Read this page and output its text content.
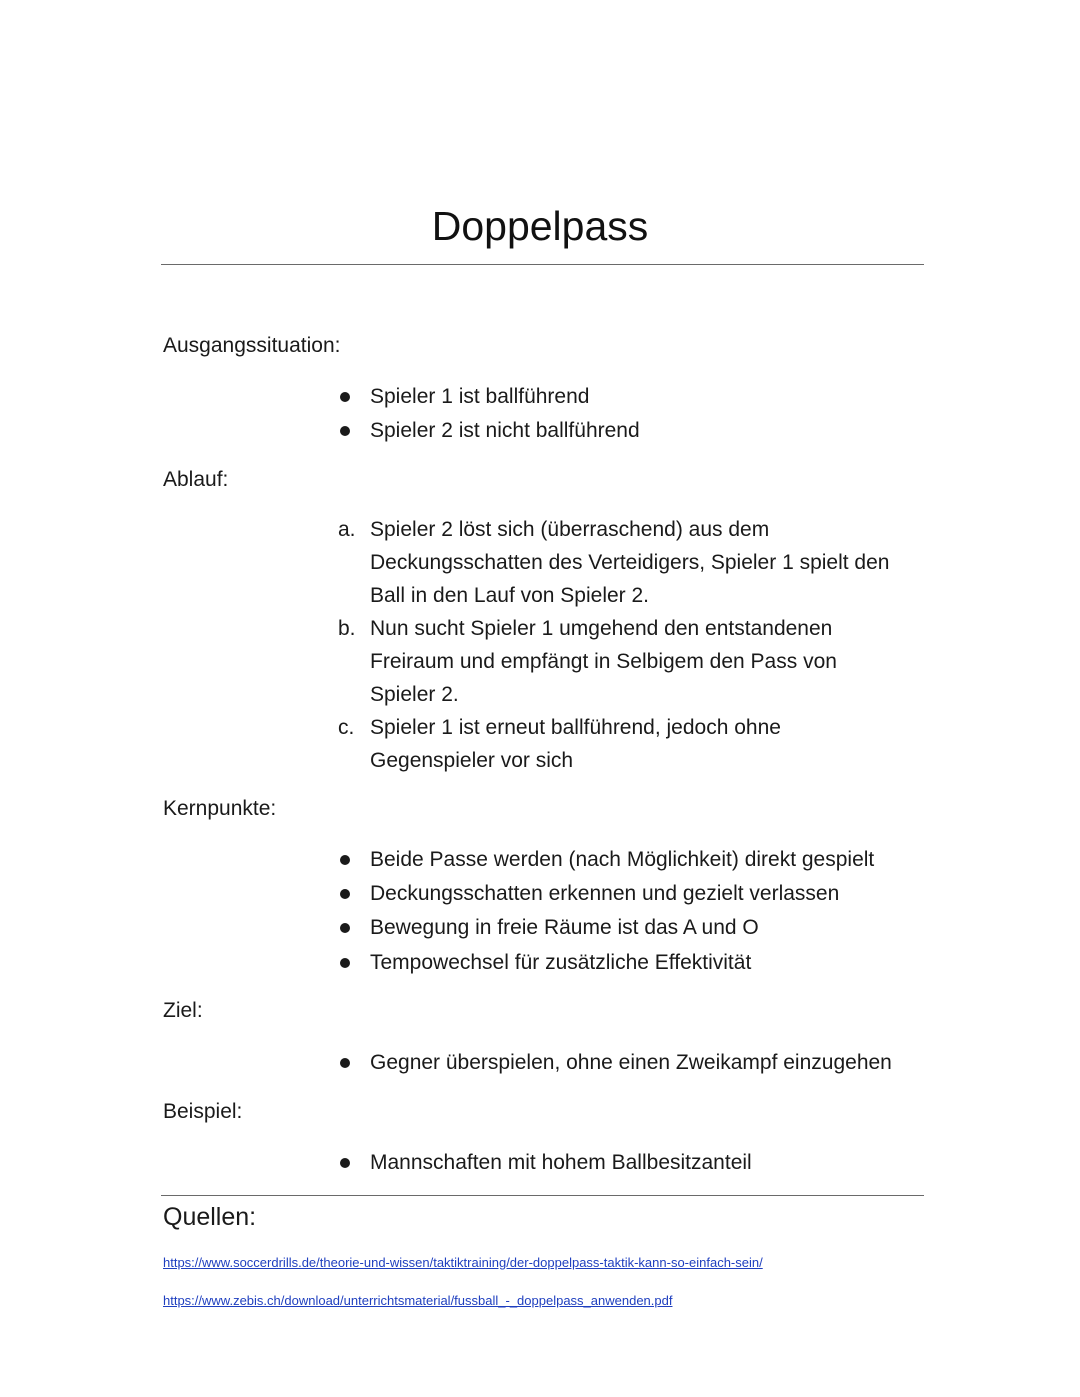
Doppelpass
Ausgangssituation:
Spieler 1 ist ballführend
Spieler 2 ist nicht ballführend
Ablauf:
a. Spieler 2 löst sich (überraschend) aus dem
Deckungsschatten des Verteidigers, Spieler 1 spielt den
Ball in den Lauf von Spieler 2.
b. Nun sucht Spieler 1 umgehend den entstandenen
Freiraum und empfängt in Selbigem den Pass von
Spieler 2.
c. Spieler 1 ist erneut ballführend, jedoch ohne
Gegenspieler vor sich
Kernpunkte:
Beide Passe werden (nach Möglichkeit) direkt gespielt
Deckungsschatten erkennen und gezielt verlassen
Bewegung in freie Räume ist das A und O
Tempowechsel für zusätzliche Effektivität
Ziel:
Gegner überspielen, ohne einen Zweikampf einzugehen
Beispiel:
Mannschaften mit hohem Ballbesitzanteil
Quellen:
https://www.soccerdrills.de/theorie-und-wissen/taktiktraining/der-doppelpass-taktik-kann-so-einfach-sein/
https://www.zebis.ch/download/unterrichtsmaterial/fussball_-_doppelpass_anwenden.pdf
